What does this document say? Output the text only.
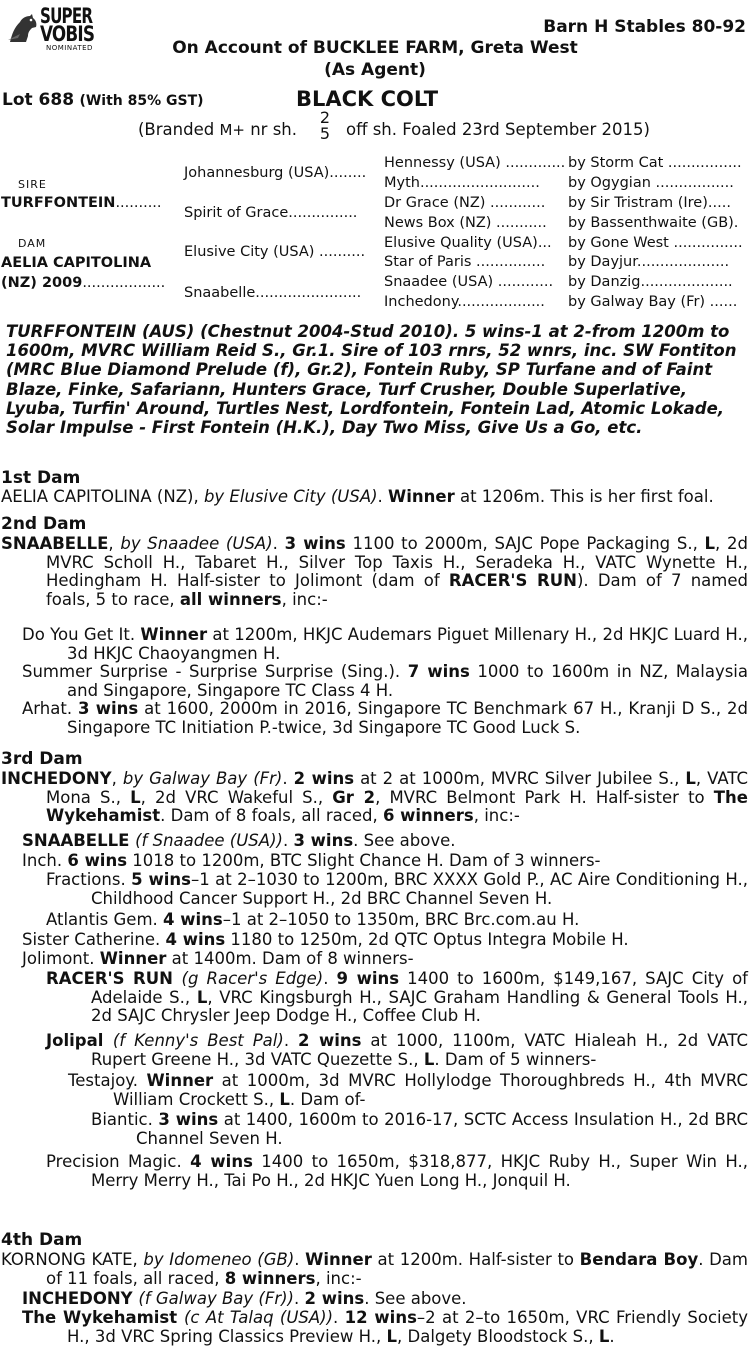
SUPER
VOBIS
NOMINATED
Barn H Stables 80-92
On Account of BUCKLEE FARM, Greta West
(As Agent)
Lot 688 (With 85% GST)	BLACK COLT
(Branded M+ nr sh.
2
5 off sh. Foaled 23rd September 2015)
SIRE
TURFFONTEIN..........
DAM
AELIA CAPITOLINA
(NZ) 2009..................
Johannesburg (USA)........
Spirit of Grace...............
Elusive City (USA) ..........
Snaabelle.......................
Hennessy (USA) ............. by Storm Cat ................
Myth.......................... by Ogygian .................
Dr Grace (NZ) ............ by Sir Tristram (Ire).....
News Box (NZ) ........... by Bassenthwaite (GB).
Elusive Quality (USA)... by Gone West ...............
Star of Paris ............... by Dayjur....................
Snaadee (USA) ............ by Danzig....................
Inchedony................... by Galway Bay (Fr) ......
TURFFONTEIN (AUS) (Chestnut 2004-Stud 2010). 5 wins-1 at 2-from 1200m to
1600m, MVRC William Reid S., Gr.1. Sire of 103 rnrs, 52 wnrs, inc. SW Fontiton
(MRC Blue Diamond Prelude (f), Gr.2), Fontein Ruby, SP Turfane and of Faint
Blaze, Finke, Safariann, Hunters Grace, Turf Crusher, Double Superlative,
Lyuba, Turfin' Around, Turtles Nest, Lordfontein, Fontein Lad, Atomic Lokade,
Solar Impulse - First Fontein (H.K.), Day Two Miss, Give Us a Go, etc.
1st Dam
2nd Dam
3rd Dam
4th Dam
AELIA CAPITOLINA (NZ), by Elusive City (USA). Winner at 1206m. This is her first foal.
SNAABELLE, by Snaadee (USA). 3 wins 1100 to 2000m, SAJC Pope Packaging S., L, 2d MVRC Scholl H., Tabaret H., Silver Top Taxis H., Seradeka H., VATC Wynette H., Hedingham H. Half-sister to Jolimont (dam of RACER'S RUN). Dam of 7 named foals, 5 to race, all winners, inc:-
Do You Get It. Winner at 1200m, HKJC Audemars Piguet Millenary H., 2d HKJC Luard H., 3d HKJC Chaoyangmen H.
Summer Surprise - Surprise Surprise (Sing.). 7 wins 1000 to 1600m in NZ, Malaysia and Singapore, Singapore TC Class 4 H.
Arhat. 3 wins at 1600, 2000m in 2016, Singapore TC Benchmark 67 H., Kranji D S., 2d Singapore TC Initiation P.-twice, 3d Singapore TC Good Luck S.
INCHEDONY, by Galway Bay (Fr). 2 wins at 2 at 1000m, MVRC Silver Jubilee S., L, VATC Mona S., L, 2d VRC Wakeful S., Gr 2, MVRC Belmont Park H. Half-sister to The Wykehamist. Dam of 8 foals, all raced, 6 winners, inc:-
SNAABELLE (f Snaadee (USA)). 3 wins. See above.
Inch. 6 wins 1018 to 1200m, BTC Slight Chance H. Dam of 3 winners-
Fractions. 5 wins–1 at 2–1030 to 1200m, BRC XXXX Gold P., AC Aire Conditioning H., Childhood Cancer Support H., 2d BRC Channel Seven H.
Atlantis Gem. 4 wins–1 at 2–1050 to 1350m, BRC Brc.com.au H.
Sister Catherine. 4 wins 1180 to 1250m, 2d QTC Optus Integra Mobile H.
Jolimont. Winner at 1400m. Dam of 8 winners-
RACER'S RUN (g Racer's Edge). 9 wins 1400 to 1600m, $149,167, SAJC City of Adelaide S., L, VRC Kingsburgh H., SAJC Graham Handling & General Tools H., 2d SAJC Chrysler Jeep Dodge H., Coffee Club H.
Jolipal (f Kenny's Best Pal). 2 wins at 1000, 1100m, VATC Hialeah H., 2d VATC Rupert Greene H., 3d VATC Quezette S., L. Dam of 5 winners-
Testajoy. Winner at 1000m, 3d MVRC Hollylodge Thoroughbreds H., 4th MVRC William Crockett S., L. Dam of-
Biantic. 3 wins at 1400, 1600m to 2016-17, SCTC Access Insulation H., 2d BRC Channel Seven H.
Precision Magic. 4 wins 1400 to 1650m, $318,877, HKJC Ruby H., Super Win H., Merry Merry H., Tai Po H., 2d HKJC Yuen Long H., Jonquil H.
KORNONG KATE, by Idomeneo (GB). Winner at 1200m. Half-sister to Bendara Boy. Dam of 11 foals, all raced, 8 winners, inc:-
INCHEDONY (f Galway Bay (Fr)). 2 wins. See above.
The Wykehamist (c At Talaq (USA)). 12 wins–2 at 2–to 1650m, VRC Friendly Society H., 3d VRC Spring Classics Preview H., L, Dalgety Bloodstock S., L.
